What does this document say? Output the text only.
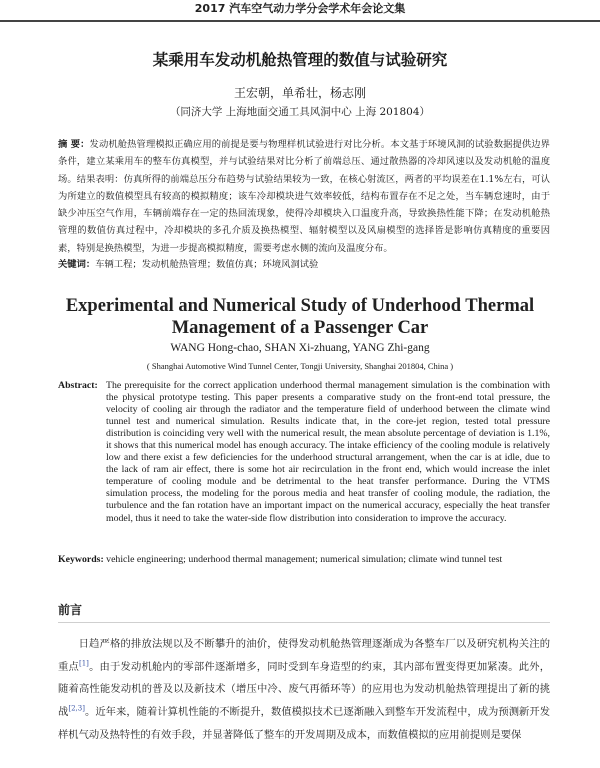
2017 汽车空气动力学分会学术年会论文集
某乘用车发动机舱热管理的数值与试验研究
王宏朝，单希壮，杨志刚
（同济大学 上海地面交通工具风洞中心 上海 201804）
摘 要：发动机舱热管理模拟正确应用的前提是要与物理样机试验进行对比分析。本文基于环境风洞的试验数据提供边界条件，建立某乘用车的整车仿真模型，并与试验结果对比分析了前端总压、通过散热器的冷却风速以及发动机舱的温度场。结果表明：仿真所得的前端总压分布趋势与试验结果较为一致，在核心射流区，两者的平均误差在1.1%左右，可认为所建立的数值模型具有较高的模拟精度；该车冷却模块进气效率较低，结构布置存在不足之处，当车辆怠速时，由于缺少冲压空气作用，车辆前端存在一定的热回流现象，使得冷却模块入口温度升高，导致换热性能下降；在发动机舱热管理的数值仿真过程中，冷却模块的多孔介质及换热模型、辐射模型以及风扇模型的选择皆是影响仿真精度的重要因素，特别是换热模型，为进一步提高模拟精度，需要考虑水侧的流向及温度分布。
关键词：车辆工程；发动机舱热管理；数值仿真；环境风洞试验
Experimental and Numerical Study of Underhood Thermal Management of a Passenger Car
WANG Hong-chao, SHAN Xi-zhuang, YANG Zhi-gang
( Shanghai Automotive Wind Tunnel Center, Tongji University, Shanghai 201804, China )
Abstract: The prerequisite for the correct application underhood thermal management simulation is the combination with the physical prototype testing. This paper presents a comparative study on the front-end total pressure, the velocity of cooling air through the radiator and the temperature field of underhood between the climate wind tunnel test and numerical simulation. Results indicate that, in the core-jet region, tested total pressure distribution is coinciding very well with the numerical result, the mean absolute percentage of deviation is 1.1%, it shows that this numerical model has enough accuracy. The intake efficiency of the cooling module is relatively low and there exist a few deficiencies for the underhood structural arrangement, when the car is at idle, due to the lack of ram air effect, there is some hot air recirculation in the front end, which would increase the inlet temperature of cooling module and be detrimental to the heat transfer performance. During the VTMS simulation process, the modeling for the porous media and heat transfer of cooling module, the radiation, the turbulence and the fan rotation have an important impact on the numerical accuracy, especially the heat transfer model, thus it need to take the water-side flow distribution into consideration to improve the accuracy.
Keywords: vehicle engineering; underhood thermal management; numerical simulation; climate wind tunnel test
前言
日趋严格的排放法规以及不断攀升的油价，使得发动机舱热管理逐渐成为各整车厂以及研究机构关注的重点[1]。由于发动机舱内的零部件逐渐增多，同时受到车身造型的约束，其内部布置变得更加紧凑。此外，随着高性能发动机的普及以及新技术（增压中冷、废气再循环等）的应用也为发动机舱热管理提出了新的挑战[2,3]。近年来，随着计算机性能的不断提升，数值模拟技术已逐渐融入到整车开发流程中，成为预测新开发样机气动及热特性的有效手段，并显著降低了整车的开发周期及成本，而数值模拟的应用前提则是要保
